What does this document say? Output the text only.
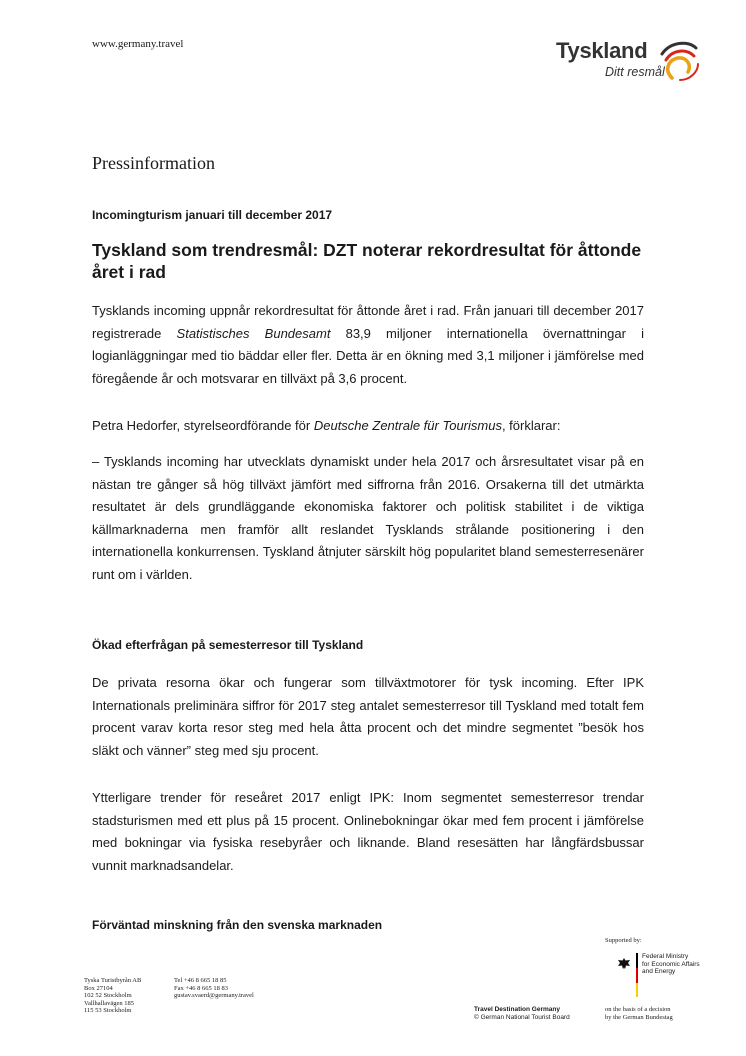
www.germany.travel	Tyskland
Ditt resmål
Pressinformation
Incomingturism januari till december 2017
Tyskland som trendresmål: DZT noterar rekordresultat för åttonde året i rad

Tysklands incoming uppnår rekordresultat för åttonde året i rad. Från januari till december 2017 registrerade Statistisches Bundesamt 83,9 miljoner internationella övernattningar i logianläggningar med tio bäddar eller fler. Detta är en ökning med 3,1 miljoner i jämförelse med föregående år och motsvarar en tillväxt på 3,6 procent.

Petra Hedorfer, styrelseordförande för Deutsche Zentrale für Tourismus, förklarar:

– Tysklands incoming har utvecklats dynamiskt under hela 2017 och årsresultatet visar på en nästan tre gånger så hög tillväxt jämfört med siffrorna från 2016. Orsakerna till det utmärkta resultatet är dels grundläggande ekonomiska faktorer och politisk stabilitet i de viktiga källmarknaderna men framför allt reslandet Tysklands strålande positionering i den internationella konkurrensen. Tyskland åtnjuter särskilt hög popularitet bland semesterresenärer runt om i världen.

Ökad efterfrågan på semesterresor till Tyskland

De privata resorna ökar och fungerar som tillväxtmotorer för tysk incoming. Efter IPK Internationals preliminära siffror för 2017 steg antalet semesterresor till Tyskland med totalt fem procent varav korta resor steg med hela åtta procent och det mindre segmentet ”besök hos släkt och vänner” steg med sju procent.

Ytterligare trender för reseåret 2017 enligt IPK: Inom segmentet semesterresor trendar stadsturismen med ett plus på 15 procent. Onlinebokningar ökar med fem procent i jämförelse med bokningar via fysiska resebyråer och liknande. Bland resesätten har långfärdsbussar vunnit marknadsandelar.

Förväntad minskning från den svenska marknaden
Tyska Turistbyrån AB
Box 27104
102 52 Stockholm
Vallhallavägen 185
115 53 Stockholm
Tel +46 8 665 18 85
Fax +46 8 665 18 83
gustav.svaerd@germany.travel
Travel Destination Germany
© German National Tourist Board
Supported by:
Federal Ministry
for Economic Affairs
and Energy
on the basis of a decision
by the German Bundestag
